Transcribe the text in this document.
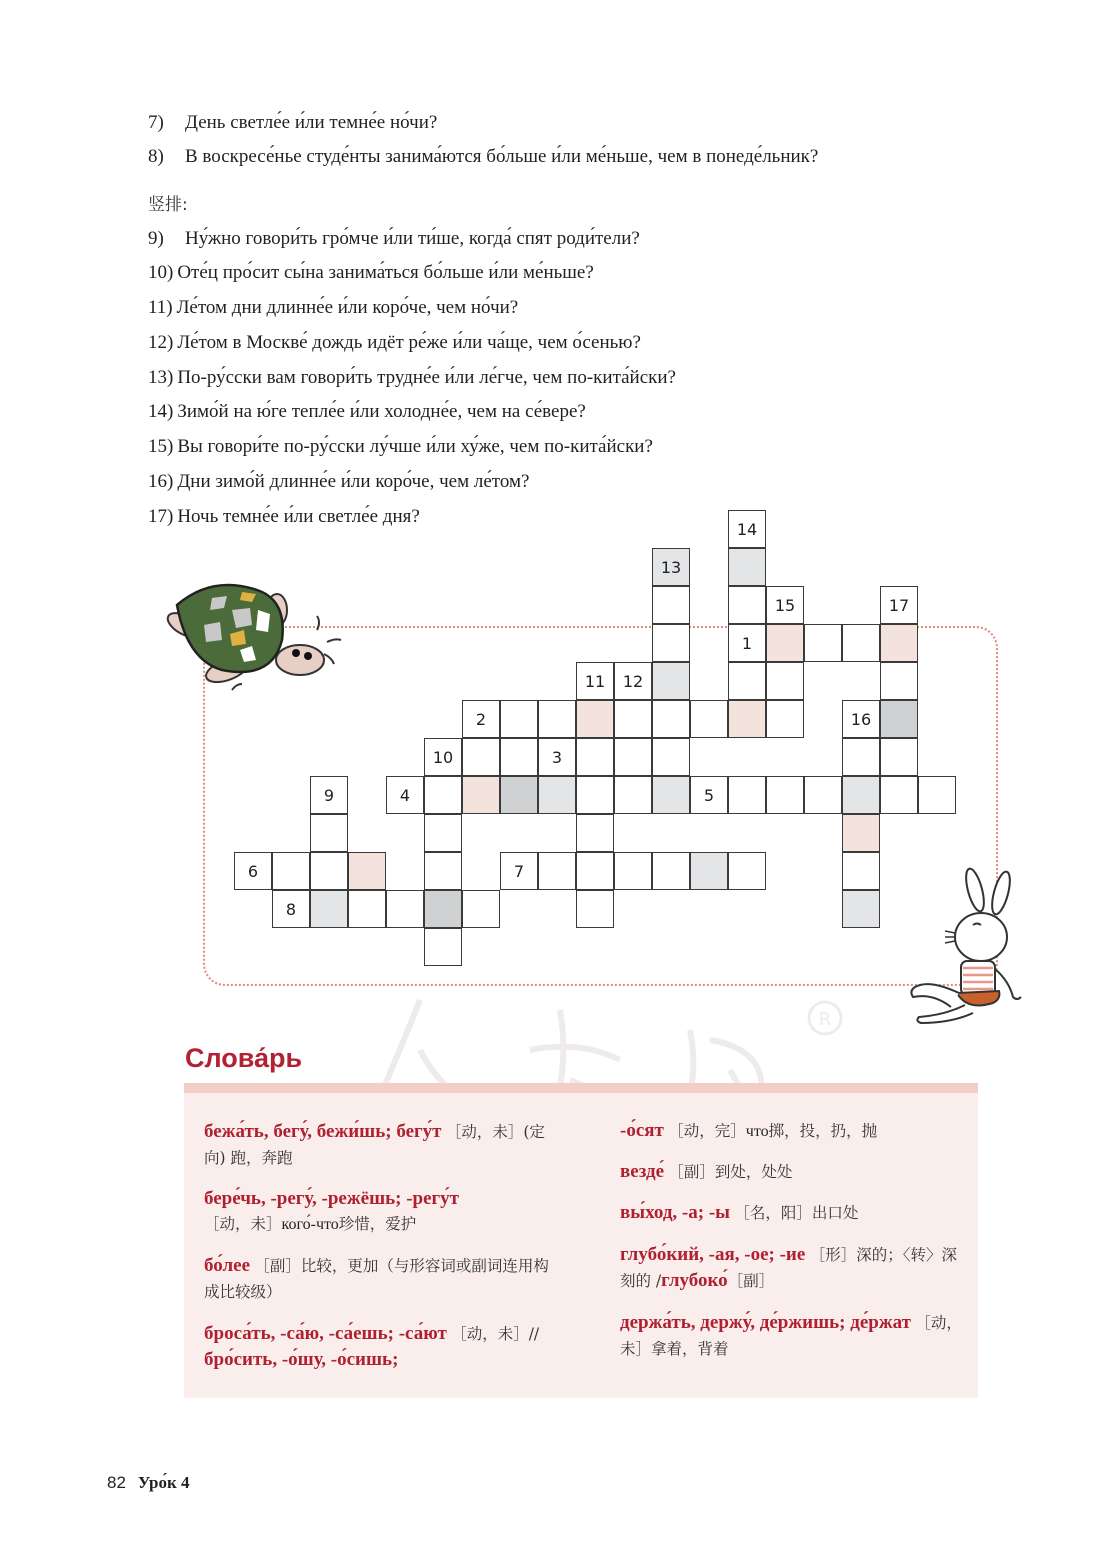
7) День светле́е и́ли темне́е но́чи?
8) В воскресе́нье студе́нты занима́ются бо́льше и́ли ме́ньше, чем в понеде́льник?
竖排:
9) Ну́жно говори́ть гро́мче и́ли ти́ше, когда́ спят роди́тели?
10) Оте́ц про́сит сы́на занима́ться бо́льше и́ли ме́ньше?
11) Ле́том дни длинне́е и́ли коро́че, чем но́чи?
12) Ле́том в Москве́ дождь идёт ре́же и́ли ча́ще, чем о́сенью?
13) По-ру́сски вам говори́ть трудне́е и́ли ле́гче, чем по-кита́йски?
14) Зимо́й на ю́ге тепле́е и́ли холодне́е, чем на се́вере?
15) Вы говори́те по-ру́сски лу́чше и́ли ху́же, чем по-кита́йски?
16) Дни зимо́й длинне́е и́ли коро́че, чем ле́том?
17) Ночь темне́е и́ли светле́е дня?
14
13
15	17
1
11 12
2	16
10	3
9	4	5
6	7
8
R
Слова́рь
бежа́ть, бегу́, бежи́шь; бегу́т ［动，未］(定向) 跑，奔跑
бере́чь, -регу́, -режёшь; -регу́т
［动，未］кого́-что珍惜，爱护
бо́лее ［副］比较，更加（与形容词或副词连用构成比较级）
броса́ть, -са́ю, -са́ешь; -са́ют ［动，未］//бро́сить, -о́шу, -о́сишь;
-о́сят ［动，完］что掷，投，扔，抛
везде́ ［副］到处，处处
вы́ход, -а; -ы ［名，阳］出口处
глубо́кий, -ая, -ое; -ие ［形］深的；〈转〉深刻的 /глубоко́［副］
держа́ть, держу́, де́ржишь; де́ржат ［动，未］拿着，背着
82 Уро́к 4
